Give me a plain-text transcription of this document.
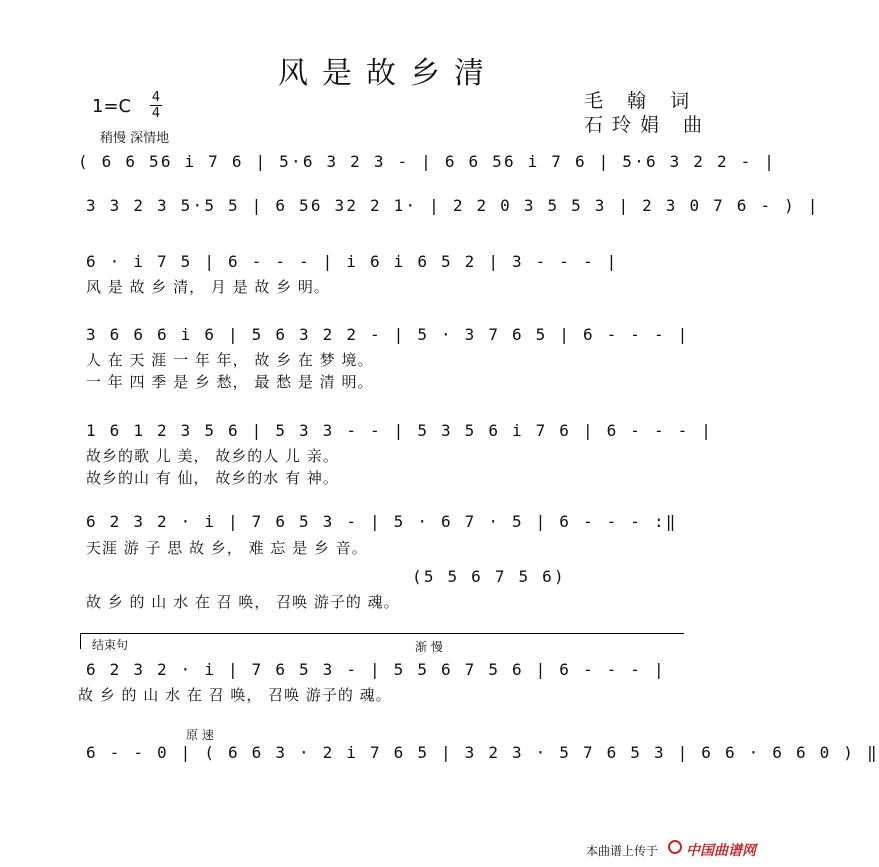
风是故乡清
毛 翰 词
石玲娟 曲
$1=C \frac{4}{4}$
稍慢 深情地
( 6 6 56 i 7 6 | 5·6 3 2 3 - | 6 6 56 i 7 6 | 5·6 3 2 2 - |
3 3 2 3 5·5 5 | 6 56 32 2 1· | 2 2 0 3 5 5 3 | 2 3 0 7 6 - ) |
6 · i 7 5 | 6 - - - | i 6 i 6 5 2 | 3 - - - |
风 是 故 乡 清， 月 是 故 乡 明。
3 6 6 6 i 6 | 5 6 3 2 2 - | 5 · 3 7 6 5 | 6 - - - |
人 在 天 涯 一 年 年， 故 乡 在 梦 境。
一 年 四 季 是 乡 愁， 最 愁 是 清 明。
1 6 1 2 3 5 6 | 5 3 3 - - | 5 3 5 6 i 7 6 | 6 - - - |
故乡的歌 儿 美， 故乡的人 儿 亲。
故乡的山 有 仙， 故乡的水 有 神。
6 2 3 2 · i | 7 6 5 3 - | 5 · 6 7 · 5 | 6 - - - :‖
天涯 游 子 思 故 乡， 难 忘 是 乡 音。
(5 5 6 7 5 6)
故 乡 的 山 水 在 召 唤， 召唤 游子的 魂。
结束句	渐 慢
6 2 3 2 · i | 7 6 5 3 - | 5 5 6 7 5 6 | 6 - - - |
故 乡 的 山 水 在 召 唤， 召唤 游子的 魂。
原 速
6 - - 0 | ( 6 6 3 · 2 i 7 6 5 | 3 2 3 · 5 7 6 5 3 | 6 6 · 6 6 0 ) ‖
本曲谱上传于 中国曲谱网
